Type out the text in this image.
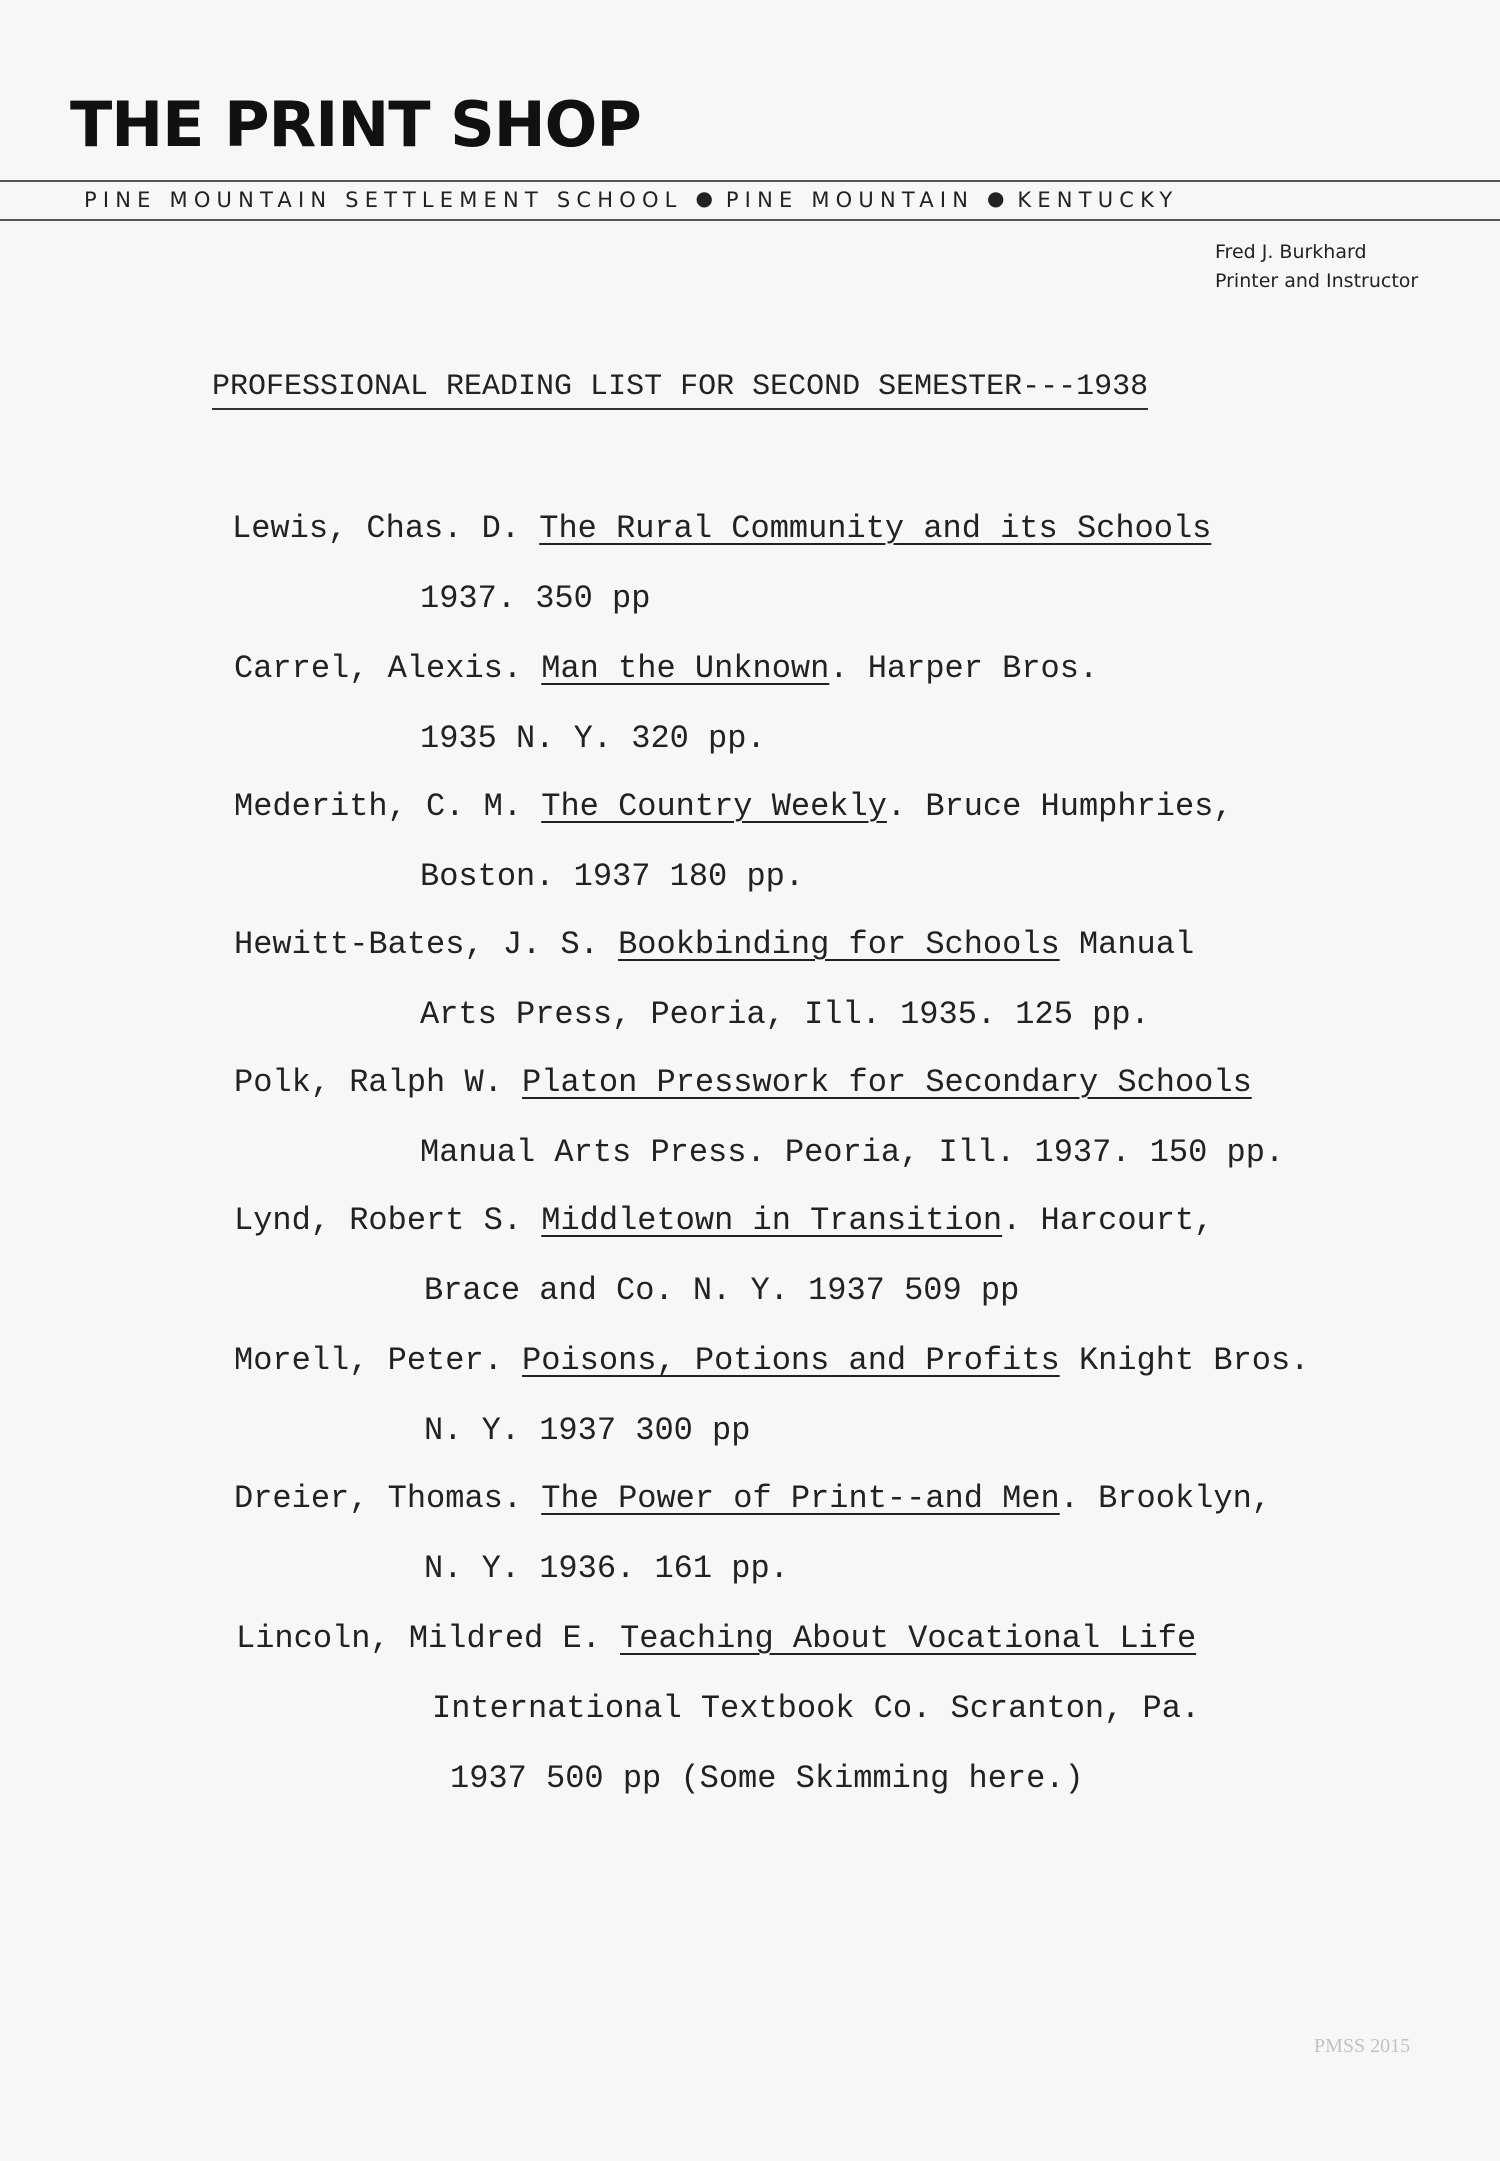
THE PRINT SHOP
PINE MOUNTAIN SETTLEMENT SCHOOL ● PINE MOUNTAIN ● KENTUCKY
Fred J. Burkhard
Printer and Instructor
PROFESSIONAL READING LIST FOR SECOND SEMESTER---1938
Lewis, Chas. D. The Rural Community and its Schools
1937. 350 pp
Carrel, Alexis. Man the Unknown. Harper Bros.
1935 N. Y. 320 pp.
Mederith, C. M. The Country Weekly. Bruce Humphries,
Boston. 1937 180 pp.
Hewitt-Bates, J. S. Bookbinding for Schools Manual
Arts Press, Peoria, Ill. 1935. 125 pp.
Polk, Ralph W. Platon Presswork for Secondary Schools
Manual Arts Press. Peoria, Ill. 1937. 150 pp.
Lynd, Robert S. Middletown in Transition. Harcourt,
Brace and Co. N. Y. 1937 509 pp
Morell, Peter. Poisons, Potions and Profits Knight Bros.
N. Y. 1937 300 pp
Dreier, Thomas. The Power of Print--and Men. Brooklyn,
N. Y. 1936. 161 pp.
Lincoln, Mildred E. Teaching About Vocational Life
International Textbook Co. Scranton, Pa.
1937 500 pp (Some Skimming here.)
PMSS 2015
